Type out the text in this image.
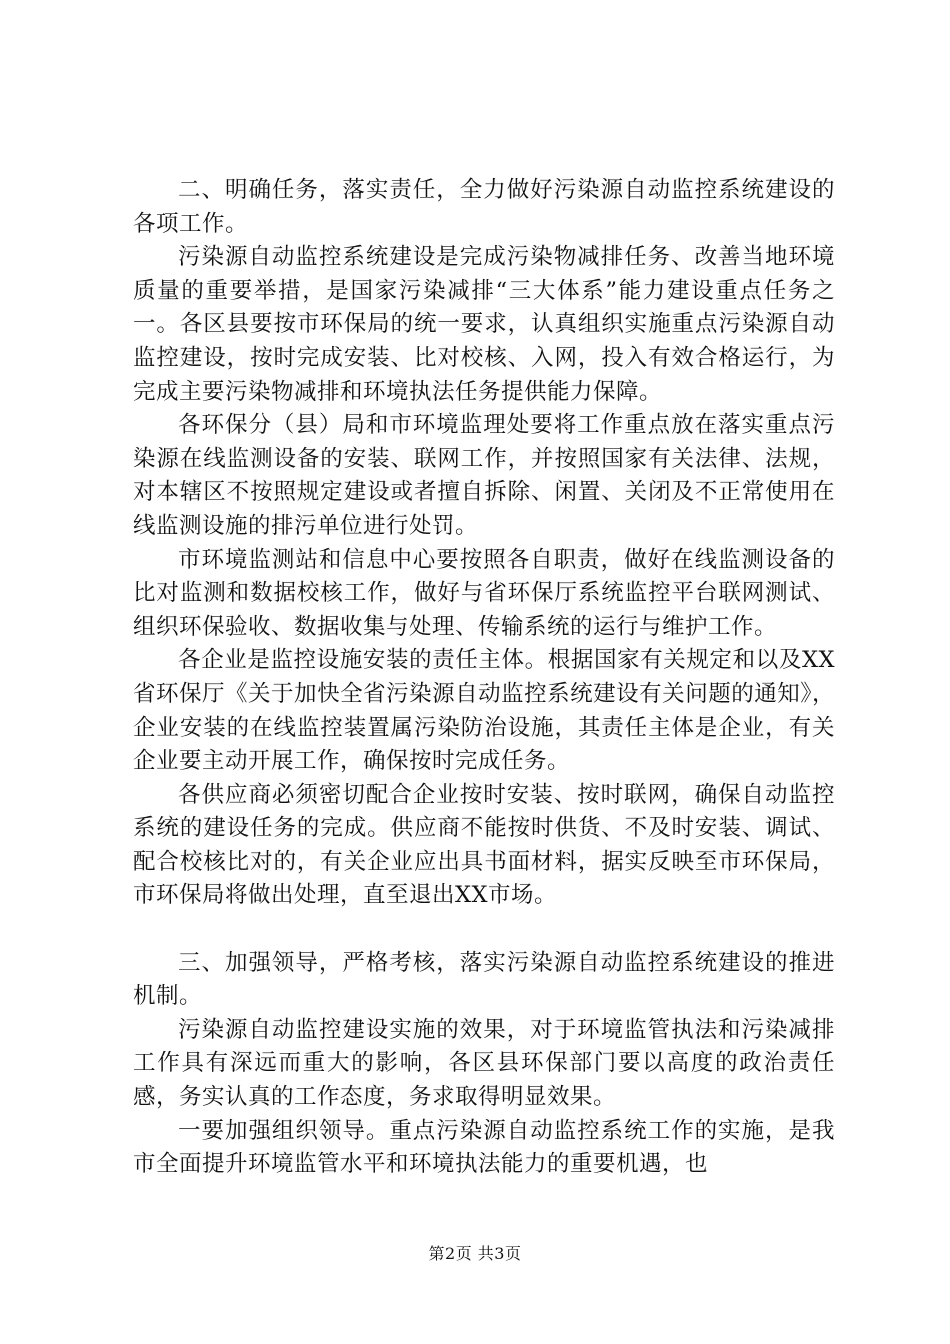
二、明确任务，落实责任，全力做好污染源自动监控系统建设的各项工作。

污染源自动监控系统建设是完成污染物减排任务、改善当地环境质量的重要举措，是国家污染减排“三大体系”能力建设重点任务之一。各区县要按市环保局的统一要求，认真组织实施重点污染源自动监控建设，按时完成安装、比对校核、入网，投入有效合格运行，为完成主要污染物减排和环境执法任务提供能力保障。

各环保分（县）局和市环境监理处要将工作重点放在落实重点污染源在线监测设备的安装、联网工作，并按照国家有关法律、法规，对本辖区不按照规定建设或者擅自拆除、闲置、关闭及不正常使用在线监测设施的排污单位进行处罚。

市环境监测站和信息中心要按照各自职责，做好在线监测设备的比对监测和数据校核工作，做好与省环保厅系统监控平台联网测试、组织环保验收、数据收集与处理、传输系统的运行与维护工作。

各企业是监控设施安装的责任主体。根据国家有关规定和以及XX省环保厅《关于加快全省污染源自动监控系统建设有关问题的通知》，企业安装的在线监控装置属污染防治设施，其责任主体是企业，有关企业要主动开展工作，确保按时完成任务。

各供应商必须密切配合企业按时安装、按时联网，确保自动监控系统的建设任务的完成。供应商不能按时供货、不及时安装、调试、配合校核比对的，有关企业应出具书面材料，据实反映至市环保局，市环保局将做出处理，直至退出XX市场。

三、加强领导，严格考核，落实污染源自动监控系统建设的推进机制。

污染源自动监控建设实施的效果，对于环境监管执法和污染减排工作具有深远而重大的影响，各区县环保部门要以高度的政治责任感，务实认真的工作态度，务求取得明显效果。

一要加强组织领导。重点污染源自动监控系统工作的实施，是我市全面提升环境监管水平和环境执法能力的重要机遇，也

第2页 共3页
